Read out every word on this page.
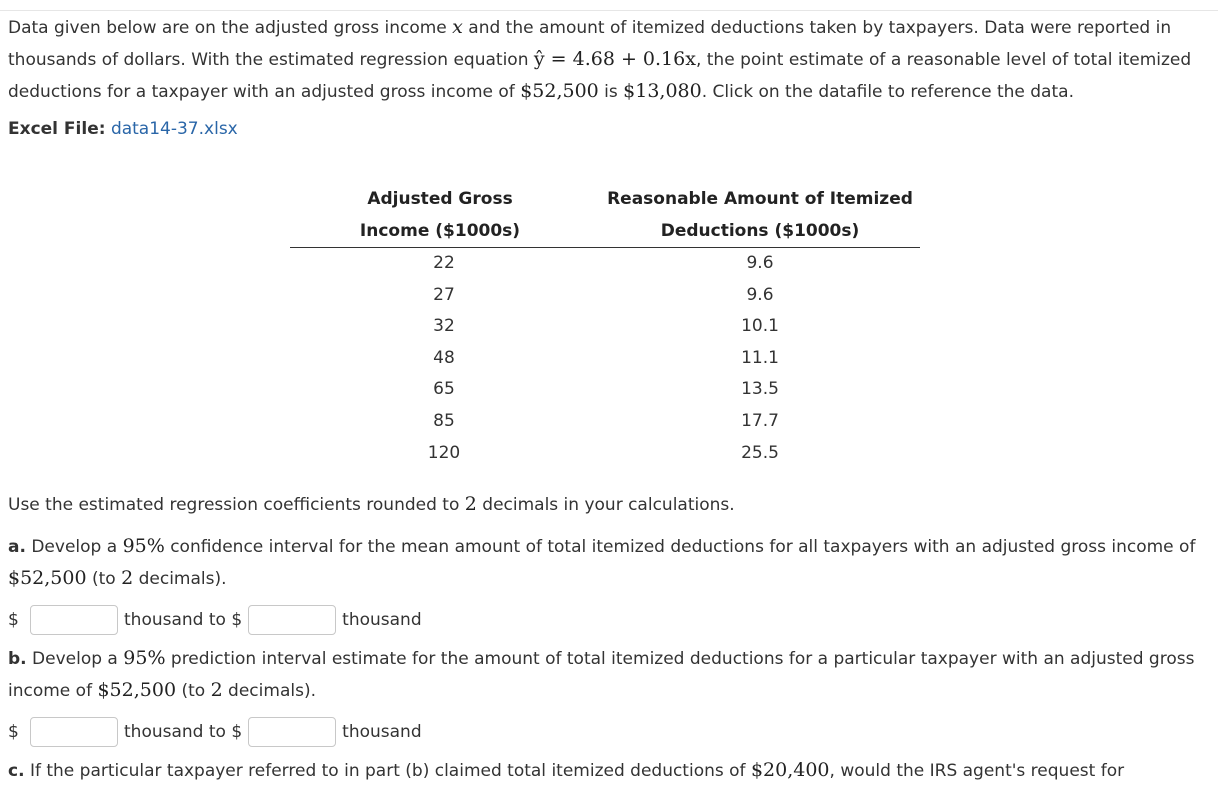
Data given below are on the adjusted gross income x and the amount of itemized deductions taken by taxpayers. Data were reported in thousands of dollars. With the estimated regression equation ŷ = 4.68 + 0.16x, the point estimate of a reasonable level of total itemized deductions for a taxpayer with an adjusted gross income of $52,500 is $13,080. Click on the datafile to reference the data.

Excel File: data14-37.xlsx

Adjusted Gross		Reasonable Amount of Itemized
Income ($1000s)		Deductions ($1000s)
22		9.6
27		9.6
32		10.1
48		11.1
65		13.5
85		17.7
120		25.5

Use the estimated regression coefficients rounded to 2 decimals in your calculations.

a. Develop a 95% confidence interval for the mean amount of total itemized deductions for all taxpayers with an adjusted gross income of $52,500 (to 2 decimals).

$	thousand to $	thousand

b. Develop a 95% prediction interval estimate for the amount of total itemized deductions for a particular taxpayer with an adjusted gross income of $52,500 (to 2 decimals).

$	thousand to $	thousand

c. If the particular taxpayer referred to in part (b) claimed total itemized deductions of $20,400, would the IRS agent's request for
